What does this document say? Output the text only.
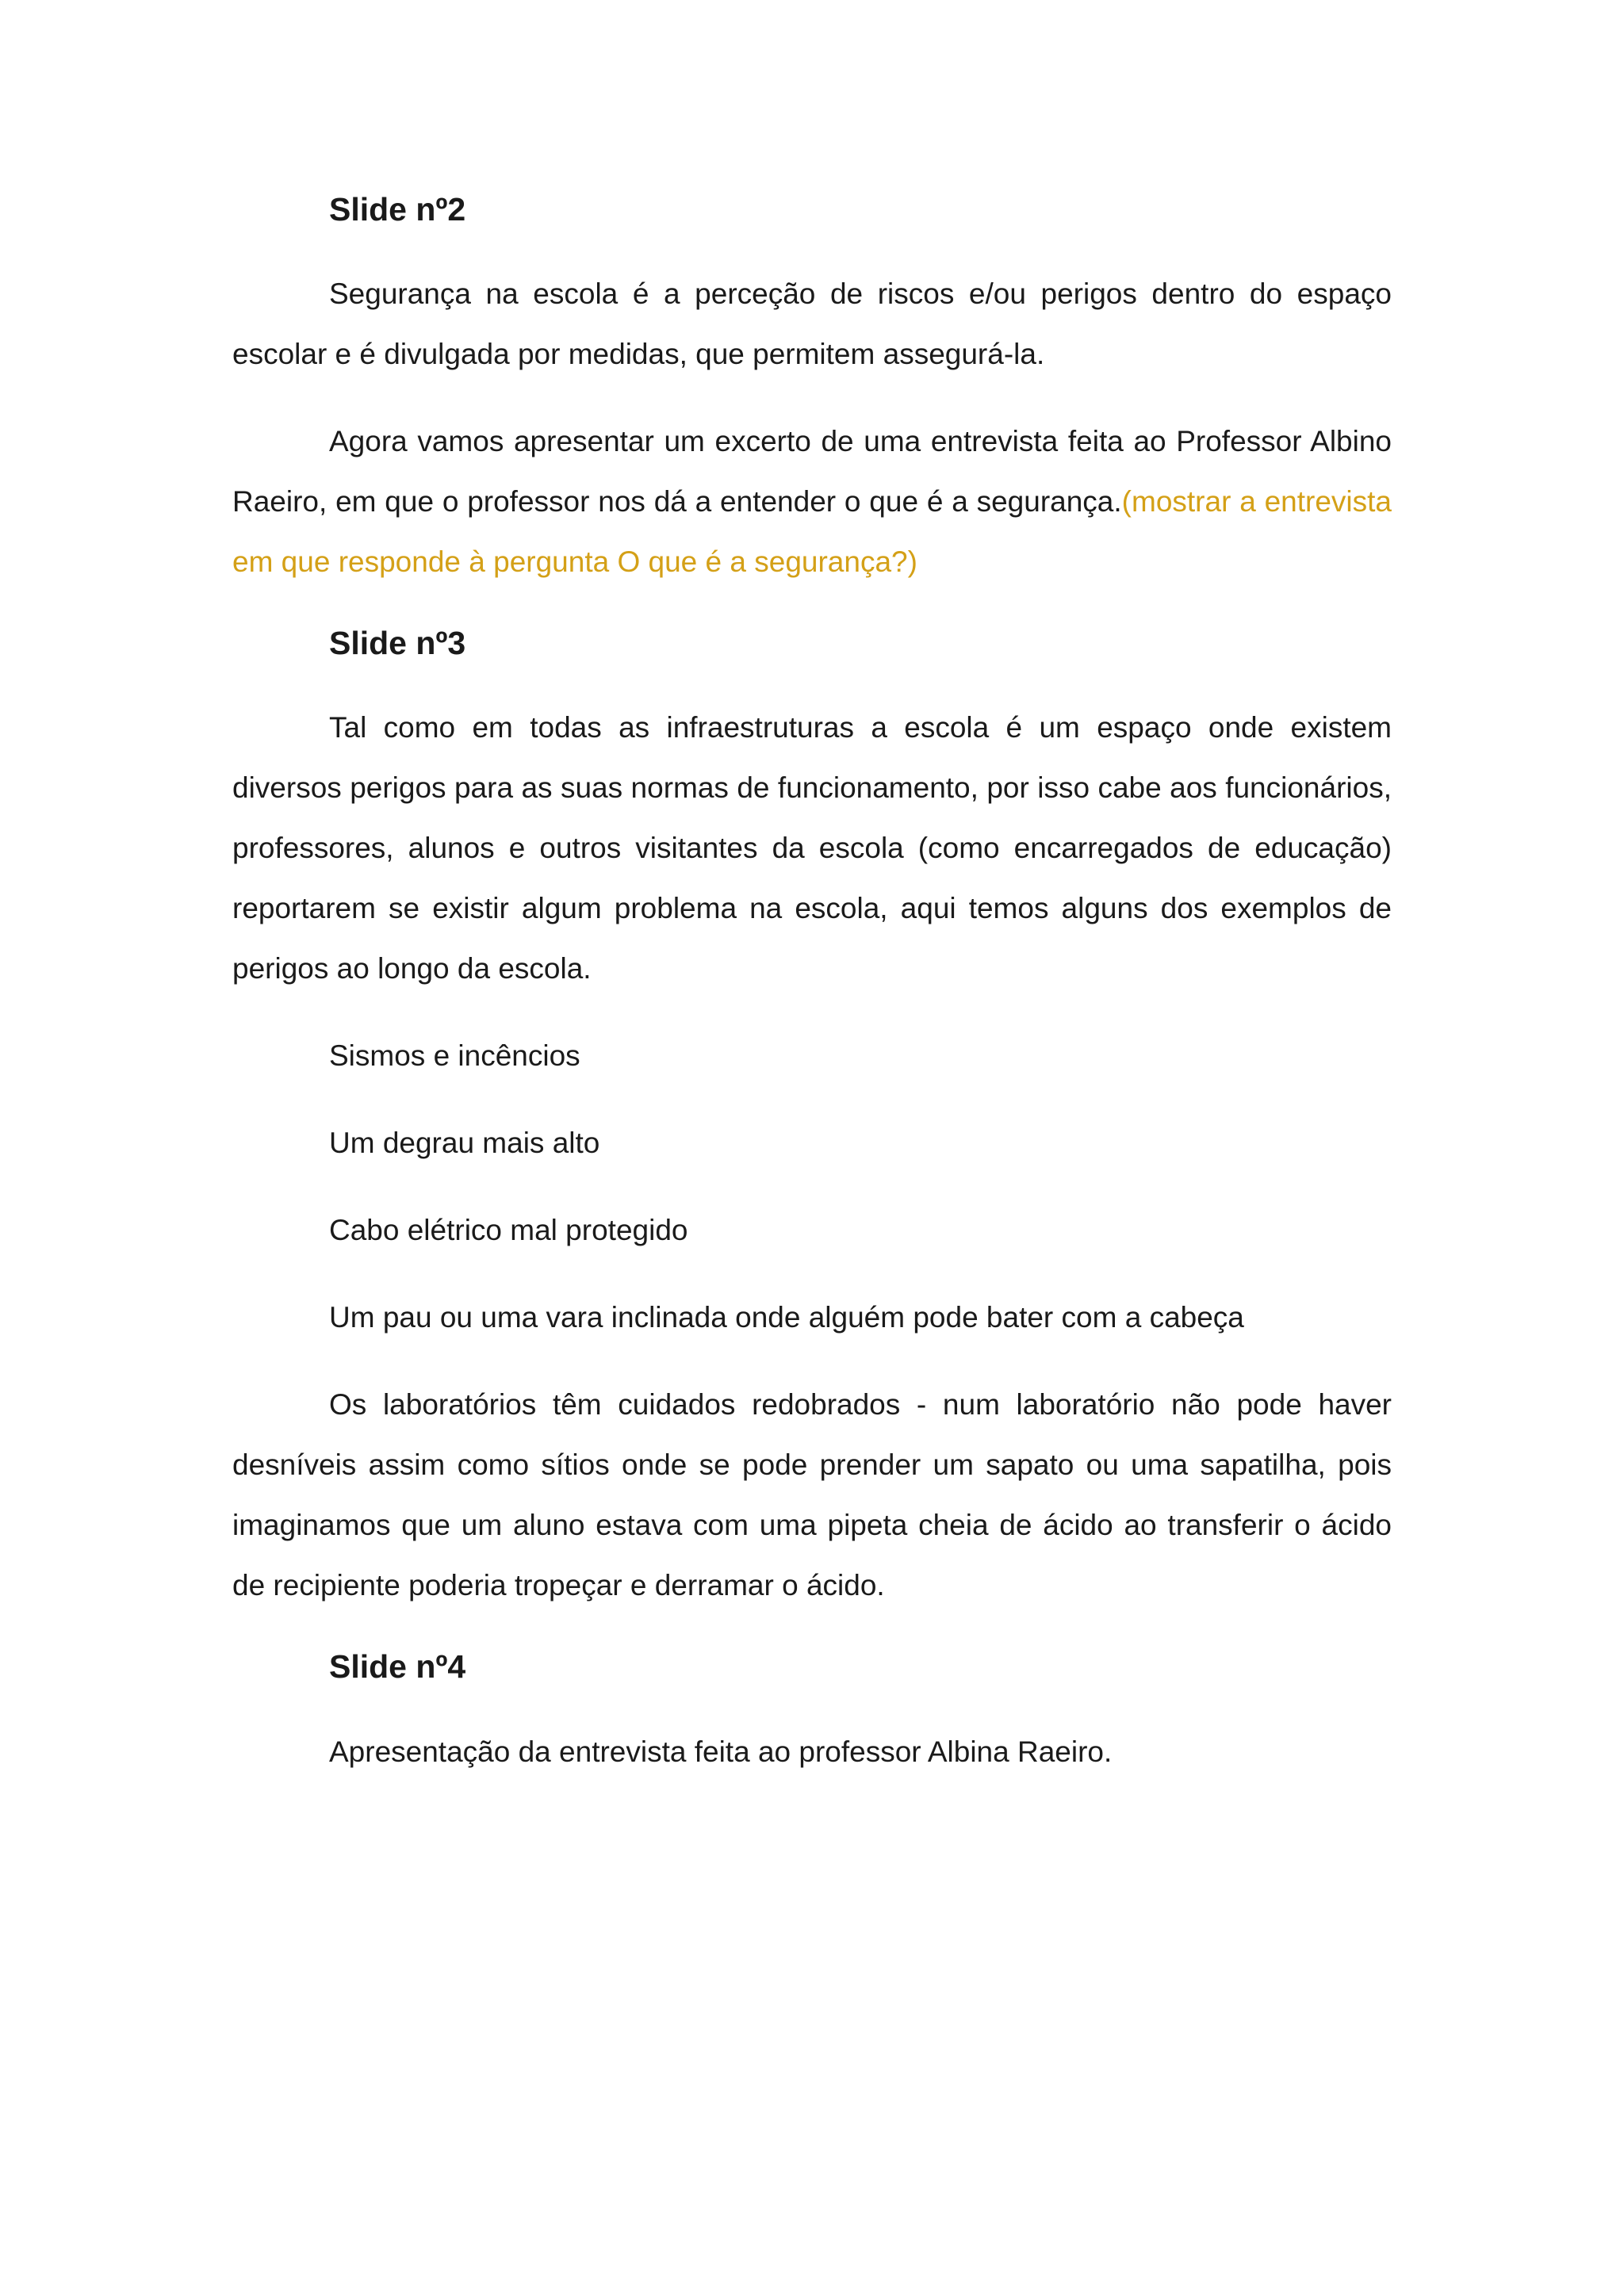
Slide nº2

Segurança na escola é a perceção de riscos e/ou perigos dentro do espaço escolar e é divulgada por medidas, que permitem assegurá-la.

Agora vamos apresentar um excerto de uma entrevista feita ao Professor Albino Raeiro, em que o professor nos dá a entender o que é a segurança.(mostrar a entrevista em que responde à pergunta O que é a segurança?)

Slide nº3

Tal como em todas as infraestruturas a escola é um espaço onde existem diversos perigos para as suas normas de funcionamento, por isso cabe aos funcionários, professores, alunos e outros visitantes da escola (como encarregados de educação) reportarem se existir algum problema na escola, aqui temos alguns dos exemplos de perigos ao longo da escola.

Sismos e incêncios
Um degrau mais alto
Cabo elétrico mal protegido
Um pau ou uma vara inclinada onde alguém pode bater com a cabeça

Os laboratórios têm cuidados redobrados - num laboratório não pode haver desníveis assim como sítios onde se pode prender um sapato ou uma sapatilha, pois imaginamos que um aluno estava com uma pipeta cheia de ácido ao transferir o ácido de recipiente poderia tropeçar e derramar o ácido.

Slide nº4

Apresentação da entrevista feita ao professor Albina Raeiro.
